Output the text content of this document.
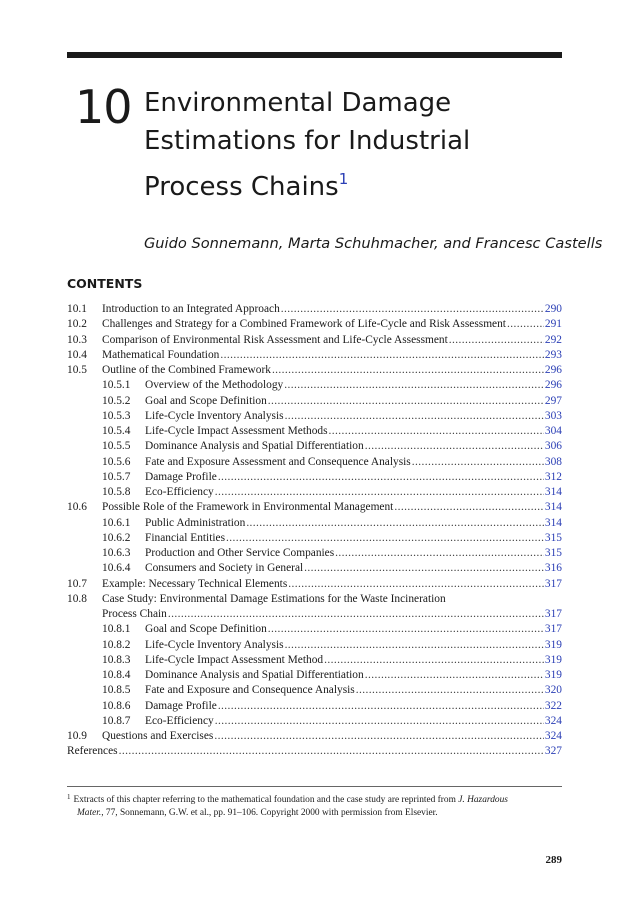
10 Environmental Damage
Estimations for Industrial
Process Chains$^1$
Guido Sonnemann, Marta Schuhmacher, and Francesc Castells
CONTENTS
10.1 Introduction to an Integrated Approach .....	290
10.2 Challenges and Strategy for a Combined Framework of Life-Cycle and Risk Assessment .....	291
10.3 Comparison of Environmental Risk Assessment and Life-Cycle Assessment .....	292
10.4 Mathematical Foundation .....	293
10.5 Outline of the Combined Framework .....	296
10.5.1 Overview of the Methodology .....	296
10.5.2 Goal and Scope Definition .....	297
10.5.3 Life-Cycle Inventory Analysis .....	303
10.5.4 Life-Cycle Impact Assessment Methods .....	304
10.5.5 Dominance Analysis and Spatial Differentiation .....	306
10.5.6 Fate and Exposure Assessment and Consequence Analysis .....	308
10.5.7 Damage Profile .....	312
10.5.8 Eco-Efficiency .....	314
10.6 Possible Role of the Framework in Environmental Management .....	314
10.6.1 Public Administration .....	314
10.6.2 Financial Entities .....	315
10.6.3 Production and Other Service Companies .....	315
10.6.4 Consumers and Society in General .....	316
10.7 Example: Necessary Technical Elements .....	317
10.8 Case Study: Environmental Damage Estimations for the Waste Incineration
Process Chain .....	317
10.8.1 Goal and Scope Definition .....	317
10.8.2 Life-Cycle Inventory Analysis .....	319
10.8.3 Life-Cycle Impact Assessment Method .....	319
10.8.4 Dominance Analysis and Spatial Differentiation .....	319
10.8.5 Fate and Exposure and Consequence Analysis .....	320
10.8.6 Damage Profile .....	322
10.8.7 Eco-Efficiency .....	324
10.9 Questions and Exercises .....	324
References .....	327
$^1$ Extracts of this chapter referring to the mathematical foundation and the case study are reprinted from J. Hazardous
Mater., 77, Sonnemann, G.W. et al., pp. 91–106. Copyright 2000 with permission from Elsevier.
289
